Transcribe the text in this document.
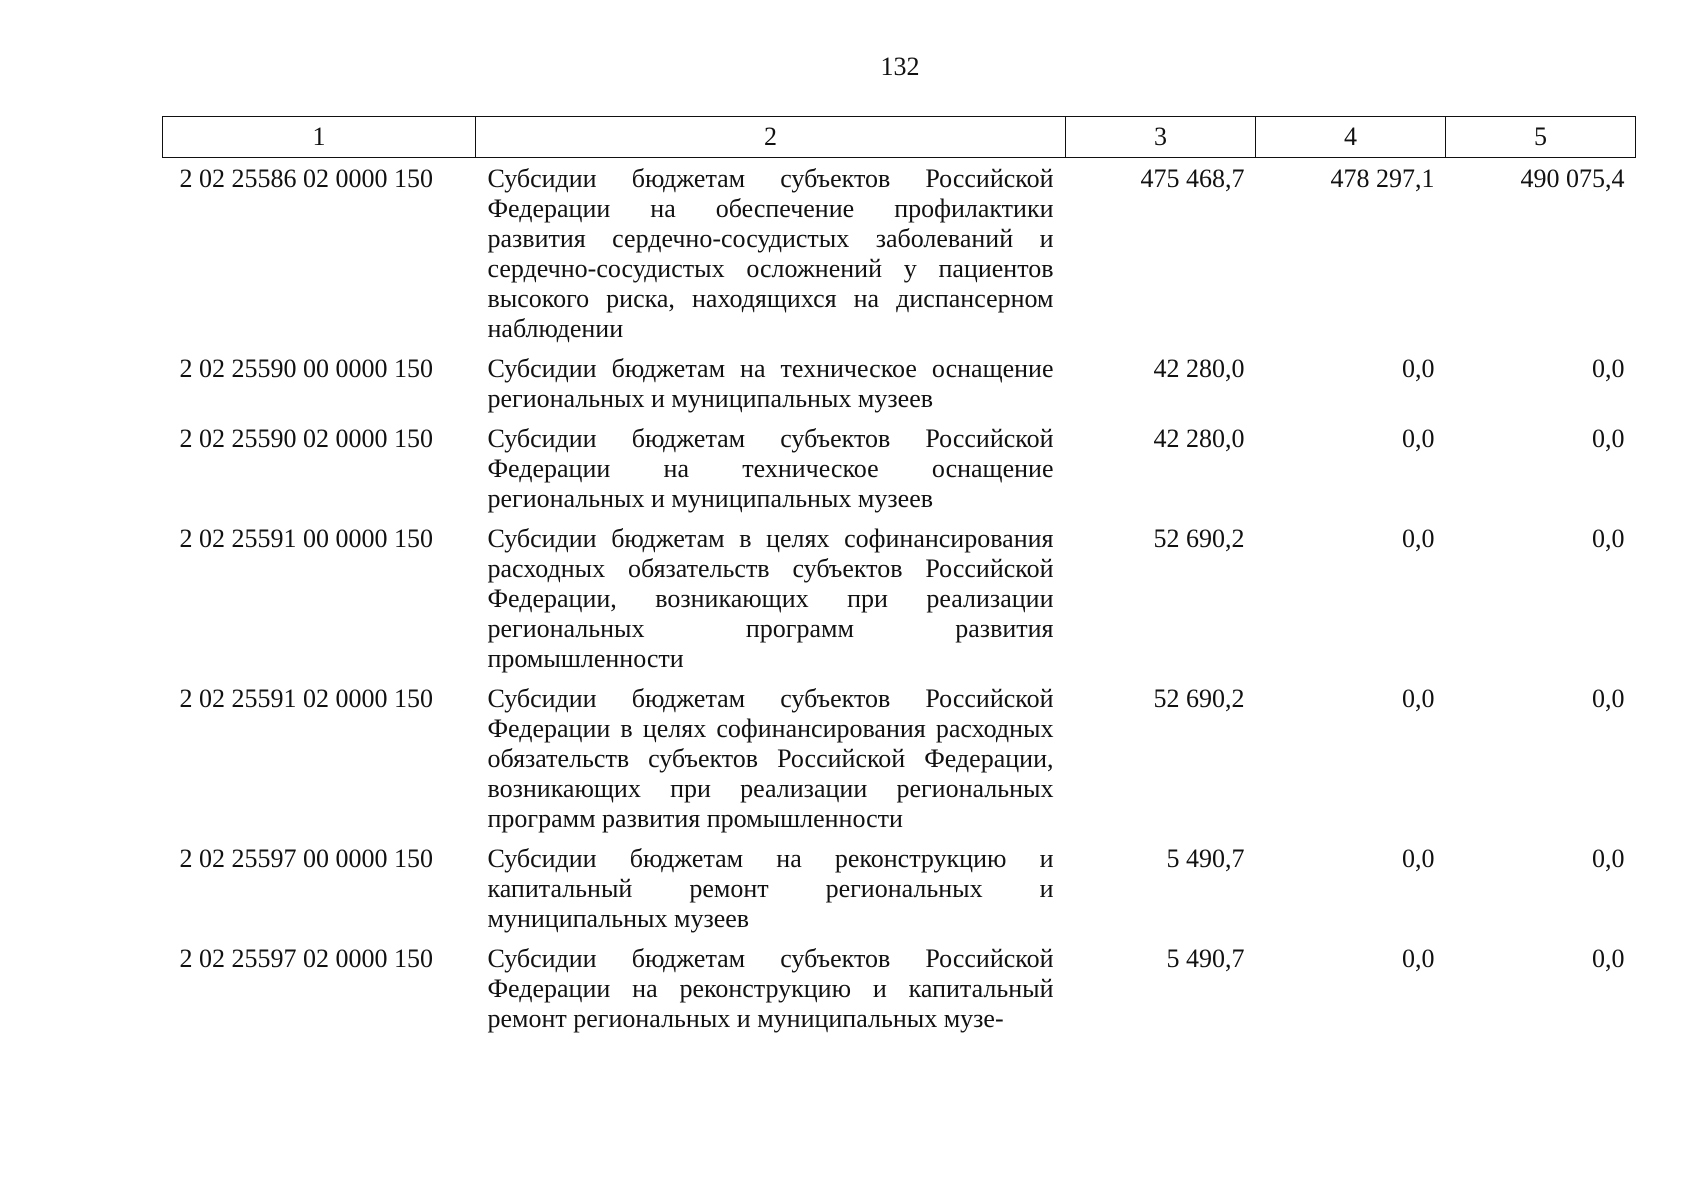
132
1	2	3	4	5
2 02 25586 02 0000 150	Субсидии бюджетам субъектов Российской Федерации на обеспечение профилактики развития сердечно-сосудистых заболеваний и сердечно-сосудистых осложнений у пациентов высокого риска, находящихся на диспансерном наблюдении	475 468,7	478 297,1	490 075,4
2 02 25590 00 0000 150	Субсидии бюджетам на техническое оснащение региональных и муниципальных музеев	42 280,0	0,0	0,0
2 02 25590 02 0000 150	Субсидии бюджетам субъектов Российской Федерации на техническое оснащение региональных и муниципальных музеев	42 280,0	0,0	0,0
2 02 25591 00 0000 150	Субсидии бюджетам в целях софинансирования расходных обязательств субъектов Российской Федерации, возникающих при реализации региональных программ развития промышленности	52 690,2	0,0	0,0
2 02 25591 02 0000 150	Субсидии бюджетам субъектов Российской Федерации в целях софинансирования расходных обязательств субъектов Российской Федерации, возникающих при реализации региональных программ развития промышленности	52 690,2	0,0	0,0
2 02 25597 00 0000 150	Субсидии бюджетам на реконструкцию и капитальный ремонт региональных и муниципальных музеев	5 490,7	0,0	0,0
2 02 25597 02 0000 150	Субсидии бюджетам субъектов Российской Федерации на реконструкцию и капитальный ремонт региональных и муниципальных музе-	5 490,7	0,0	0,0
